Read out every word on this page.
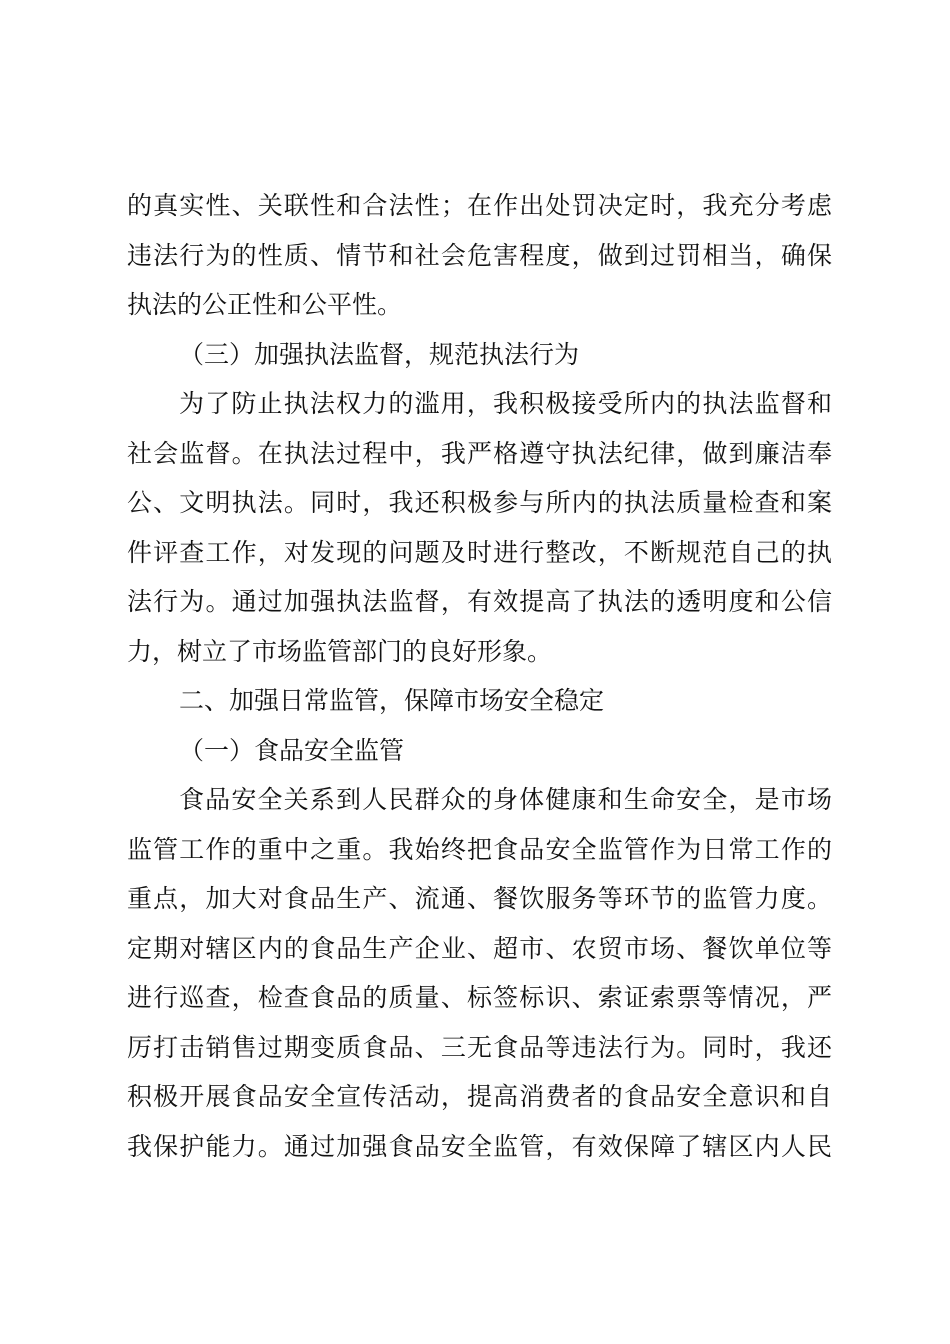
的真实性、关联性和合法性；在作出处罚决定时，我充分考虑
违法行为的性质、情节和社会危害程度，做到过罚相当，确保
执法的公正性和公平性。
（三）加强执法监督，规范执法行为
为了防止执法权力的滥用，我积极接受所内的执法监督和
社会监督。在执法过程中，我严格遵守执法纪律，做到廉洁奉
公、文明执法。同时，我还积极参与所内的执法质量检查和案
件评查工作，对发现的问题及时进行整改，不断规范自己的执
法行为。通过加强执法监督，有效提高了执法的透明度和公信
力，树立了市场监管部门的良好形象。
二、加强日常监管，保障市场安全稳定
（一）食品安全监管
食品安全关系到人民群众的身体健康和生命安全，是市场
监管工作的重中之重。我始终把食品安全监管作为日常工作的
重点，加大对食品生产、流通、餐饮服务等环节的监管力度。
定期对辖区内的食品生产企业、超市、农贸市场、餐饮单位等
进行巡查，检查食品的质量、标签标识、索证索票等情况，严
厉打击销售过期变质食品、三无食品等违法行为。同时，我还
积极开展食品安全宣传活动，提高消费者的食品安全意识和自
我保护能力。通过加强食品安全监管，有效保障了辖区内人民
